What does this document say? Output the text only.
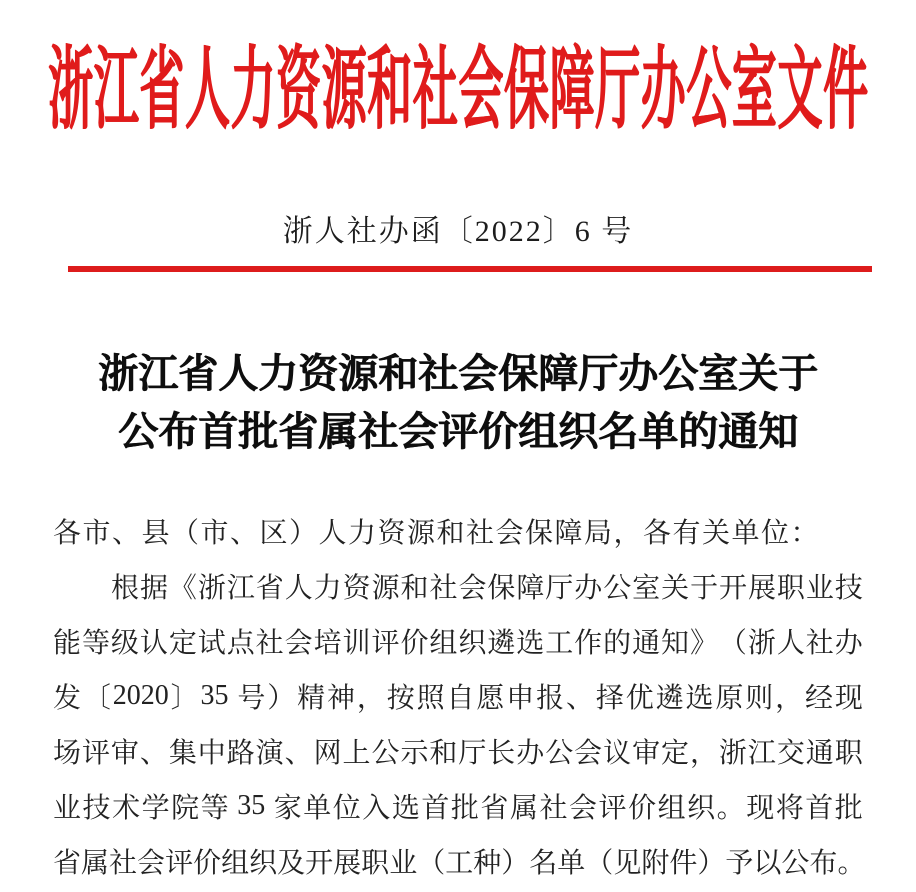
浙 江 省 人 力 资 源 和 社 会 保 障 厅 办 公 室 文 件
浙人社办函〔2022〕6 号
浙江省人力资源和社会保障厅办公室关于
公布首批省属社会评价组织名单的通知
各市、县（市、区）人力资源和社会保障局，各有关单位：
根 据 《 浙 江 省 人 力 资 源 和 社 会 保 障 厅 办 公 室 关 于 开 展 职 业 技
能 等 级 认 定 试 点 社 会 培 训 评 价 组 织 遴 选 工 作 的 通 知 》 （ 浙 人 社 办
发 〔 2020 〕 35 号 ） 精 神 ， 按 照 自 愿 申 报 、 择 优 遴 选 原 则 ， 经 现
场 评 审 、 集 中 路 演 、 网 上 公 示 和 厅 长 办 公 会 议 审 定 ， 浙 江 交 通 职
业 技 术 学 院 等 35 家 单 位 入 选 首 批 省 属 社 会 评 价 组 织 。 现 将 首 批
省 属 社 会 评 价 组 织 及 开 展 职 业 （ 工 种 ） 名 单 （ 见 附 件 ） 予 以 公 布 。
